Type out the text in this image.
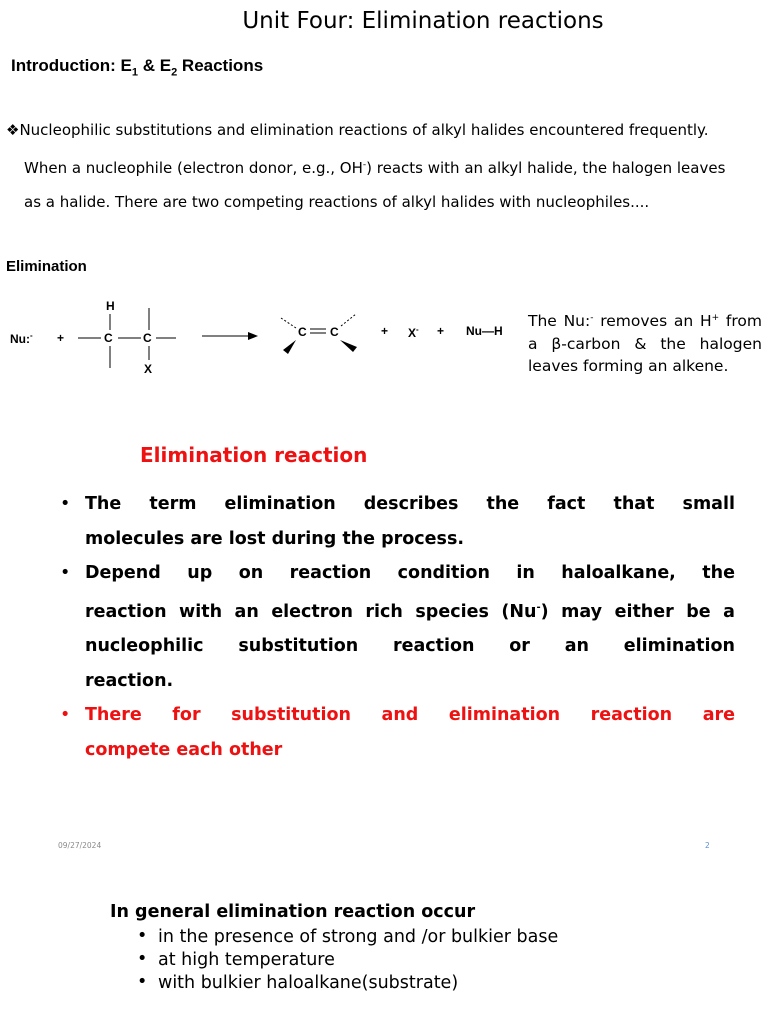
Unit Four: Elimination reactions
Introduction: $E_1$ & $E_2$ Reactions
❖Nucleophilic substitutions and elimination reactions of alkyl halides encountered frequently.
When a nucleophile (electron donor, e.g., OH-) reacts with an alkyl halide, the halogen leaves
as a halide. There are two competing reactions of alkyl halides with nucleophiles....
Elimination
Nu:- +
H
C	C
X
C C	+ X- + Nu—H
The Nu:- removes an H+ from a β-carbon & the halogen leaves forming an alkene.
Elimination reaction
• The term elimination describes the fact that small
molecules are lost during the process.
• Depend up on reaction condition in haloalkane, the
reaction with an electron rich species (Nu-) may either be a
nucleophilic substitution reaction or an elimination
reaction.
• There for substitution and elimination reaction are
compete each other
09/27/2024	2
In general elimination reaction occur
• in the presence of strong and /or bulkier base
• at high temperature
• with bulkier haloalkane(substrate)
